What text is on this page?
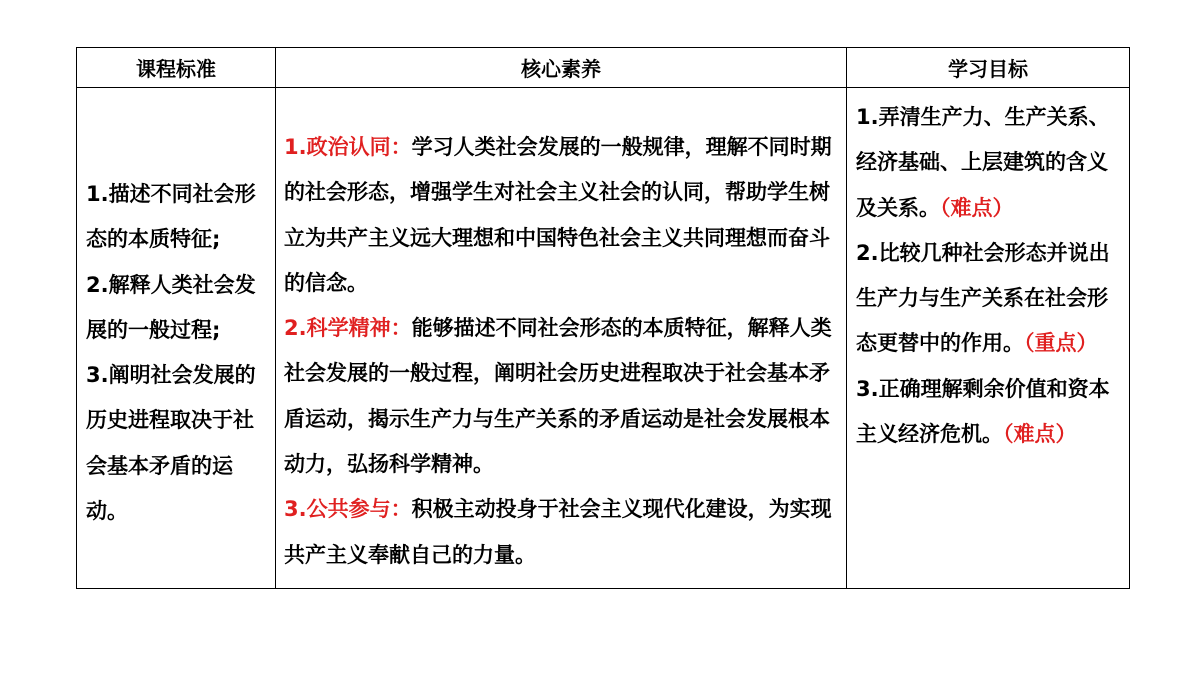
课程标准	核心素养	学习目标

1.描述不同社会形态的本质特征;

2.解释人类社会发展的一般过程;

3.阐明社会发展的历史进程取决于社会基本矛盾的运动。

1.政治认同：学习人类社会发展的一般规律，理解不同时期的社会形态，增强学生对社会主义社会的认同，帮助学生树立为共产主义远大理想和中国特色社会主义共同理想而奋斗的信念。

2.科学精神：能够描述不同社会形态的本质特征，解释人类社会发展的一般过程，阐明社会历史进程取决于社会基本矛盾运动，揭示生产力与生产关系的矛盾运动是社会发展根本动力，弘扬科学精神。

3.公共参与：积极主动投身于社会主义现代化建设，为实现共产主义奉献自己的力量。

1.弄清生产力、生产关系、经济基础、上层建筑的含义及关系。（难点）

2.比较几种社会形态并说出生产力与生产关系在社会形态更替中的作用。（重点）

3.正确理解剩余价值和资本主义经济危机。（难点）
